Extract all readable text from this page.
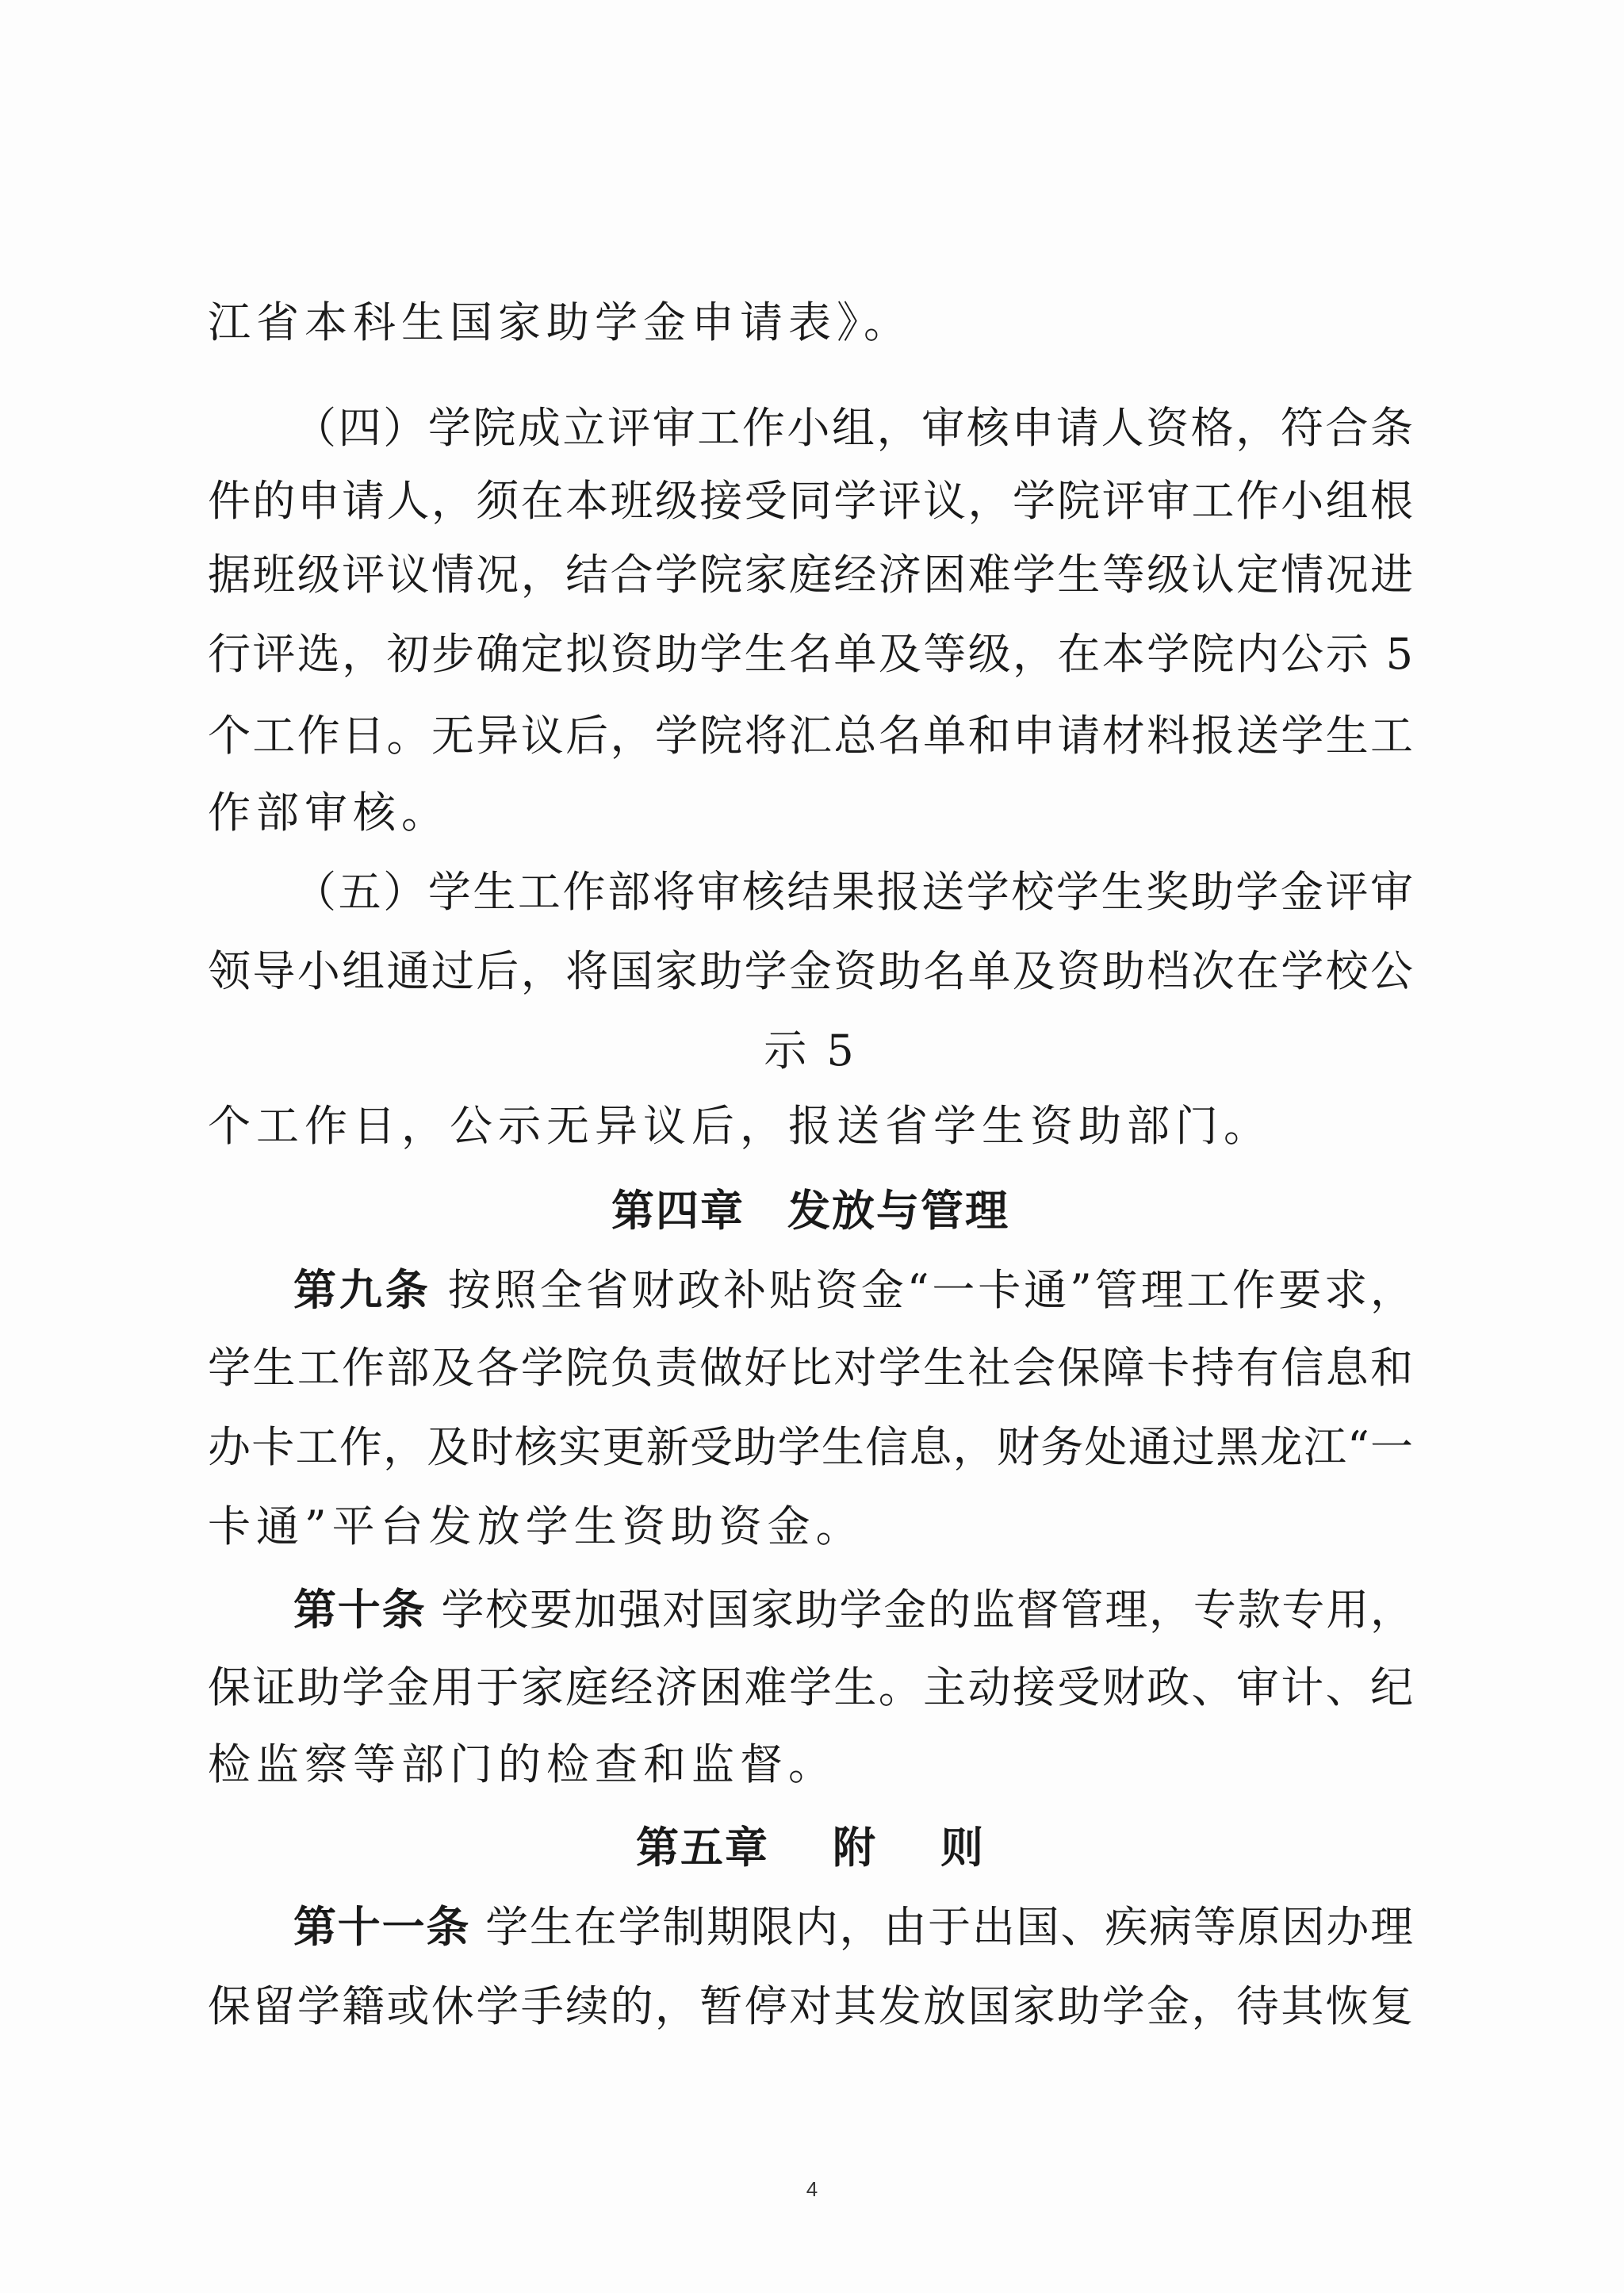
江省本科生国家助学金申请表》。
（四）学院成立评审工作小组，审核申请人资格，符合条
件的申请人，须在本班级接受同学评议，学院评审工作小组根
据班级评议情况，结合学院家庭经济困难学生等级认定情况进
行评选，初步确定拟资助学生名单及等级，在本学院内公示 5
个工作日。无异议后，学院将汇总名单和申请材料报送学生工
作部审核。
（五）学生工作部将审核结果报送学校学生奖助学金评审
领导小组通过后，将国家助学金资助名单及资助档次在学校公
示 5
个工作日，公示无异议后，报送省学生资助部门。
第四章 发放与管理
第九条 按照全省财政补贴资金“一卡通”管理工作要求，
学生工作部及各学院负责做好比对学生社会保障卡持有信息和
办卡工作，及时核实更新受助学生信息，财务处通过黑龙江“一
卡通”平台发放学生资助资金。
第十条 学校要加强对国家助学金的监督管理，专款专用，
保证助学金用于家庭经济困难学生。主动接受财政、审计、纪
检监察等部门的检查和监督。
第五章 附 则
第十一条 学生在学制期限内，由于出国、疾病等原因办理
保留学籍或休学手续的，暂停对其发放国家助学金，待其恢复
4
